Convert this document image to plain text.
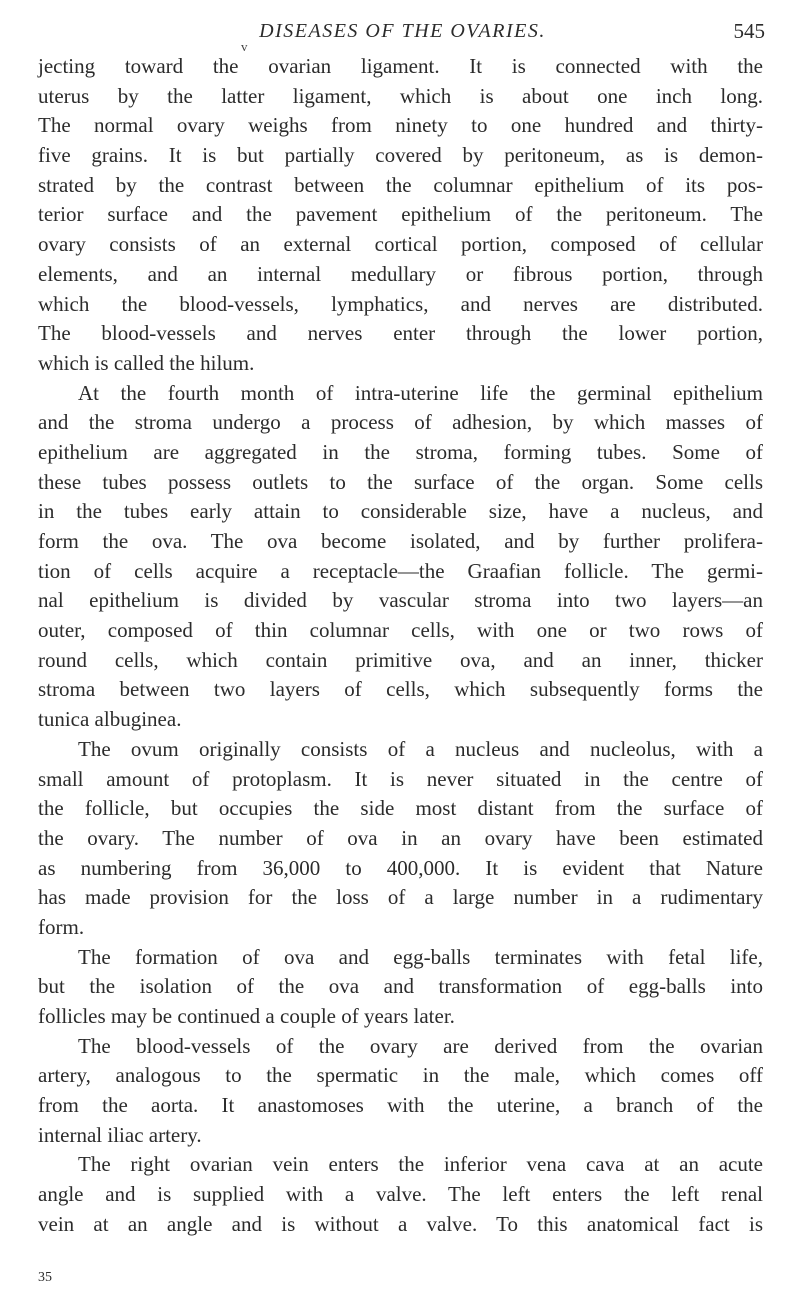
DISEASES OF THE OVARIES.	545
v
jecting toward the ovarian ligament. It is connected with the
uterus by the latter ligament, which is about one inch long.
The normal ovary weighs from ninety to one hundred and thirty-
five grains. It is but partially covered by peritoneum, as is demon-
strated by the contrast between the columnar epithelium of its pos-
terior surface and the pavement epithelium of the peritoneum. The
ovary consists of an external cortical portion, composed of cellular
elements, and an internal medullary or fibrous portion, through
which the blood-vessels, lymphatics, and nerves are distributed.
The blood-vessels and nerves enter through the lower portion,
which is called the hilum.
At the fourth month of intra-uterine life the germinal epithelium
and the stroma undergo a process of adhesion, by which masses of
epithelium are aggregated in the stroma, forming tubes. Some of
these tubes possess outlets to the surface of the organ. Some cells
in the tubes early attain to considerable size, have a nucleus, and
form the ova. The ova become isolated, and by further prolifera-
tion of cells acquire a receptacle—the Graafian follicle. The germi-
nal epithelium is divided by vascular stroma into two layers—an
outer, composed of thin columnar cells, with one or two rows of
round cells, which contain primitive ova, and an inner, thicker
stroma between two layers of cells, which subsequently forms the
tunica albuginea.
The ovum originally consists of a nucleus and nucleolus, with a
small amount of protoplasm. It is never situated in the centre of
the follicle, but occupies the side most distant from the surface of
the ovary. The number of ova in an ovary have been estimated
as numbering from 36,000 to 400,000. It is evident that Nature
has made provision for the loss of a large number in a rudimentary
form.
The formation of ova and egg-balls terminates with fetal life,
but the isolation of the ova and transformation of egg-balls into
follicles may be continued a couple of years later.
The blood-vessels of the ovary are derived from the ovarian
artery, analogous to the spermatic in the male, which comes off
from the aorta. It anastomoses with the uterine, a branch of the
internal iliac artery.
The right ovarian vein enters the inferior vena cava at an acute
angle and is supplied with a valve. The left enters the left renal
vein at an angle and is without a valve. To this anatomical fact is
35
